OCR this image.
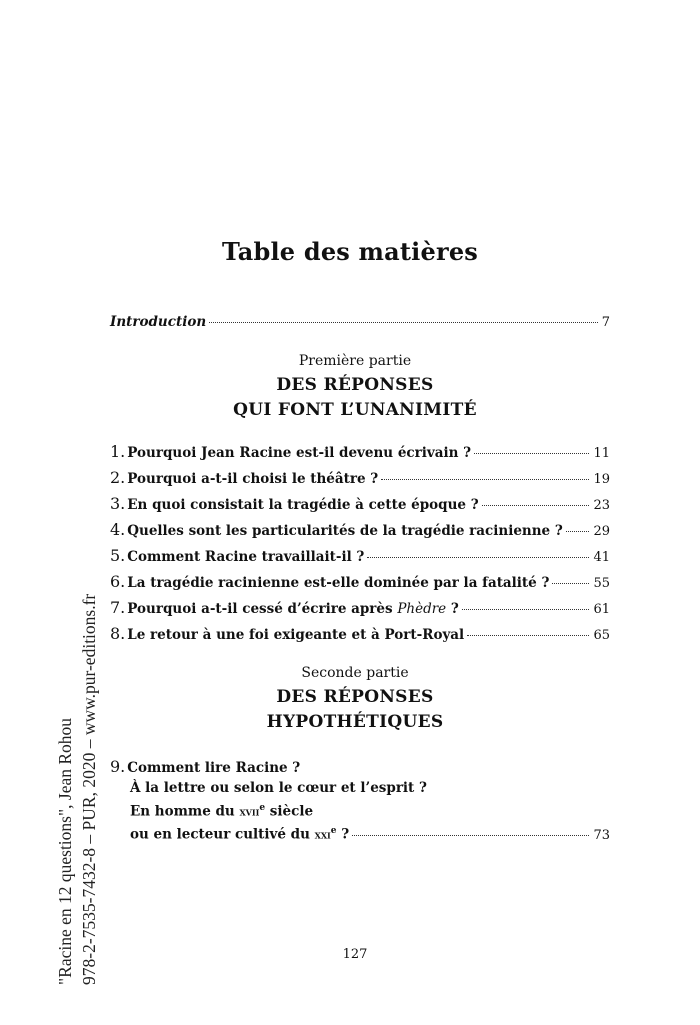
Table des matières
Introduction	7
Première partie
DES RÉPONSES
QUI FONT L’UNANIMITÉ
1. Pourquoi Jean Racine est-il devenu écrivain ?	11
2. Pourquoi a-t-il choisi le théâtre ?	19
3. En quoi consistait la tragédie à cette époque ?	23
4. Quelles sont les particularités de la tragédie racinienne ? 29
5. Comment Racine travaillait-il ?	41
6. La tragédie racinienne est-elle dominée par la fatalité ?	55
7. Pourquoi a-t-il cessé d’écrire après Phèdre ?	61
8. Le retour à une foi exigeante et à Port-Royal	65
Seconde partie
DES RÉPONSES
HYPOTHÉTIQUES
9. Comment lire Racine ?
À la lettre ou selon le cœur et l’esprit ?
En homme du xvii$^e$ siècle
ou en lecteur cultivé du xxi$^e$ ?	73
127
"Racine en 12 questions", Jean Rohou 978-2-7535-7432-8 – PUR, 2020 – www.pur-editions.fr
